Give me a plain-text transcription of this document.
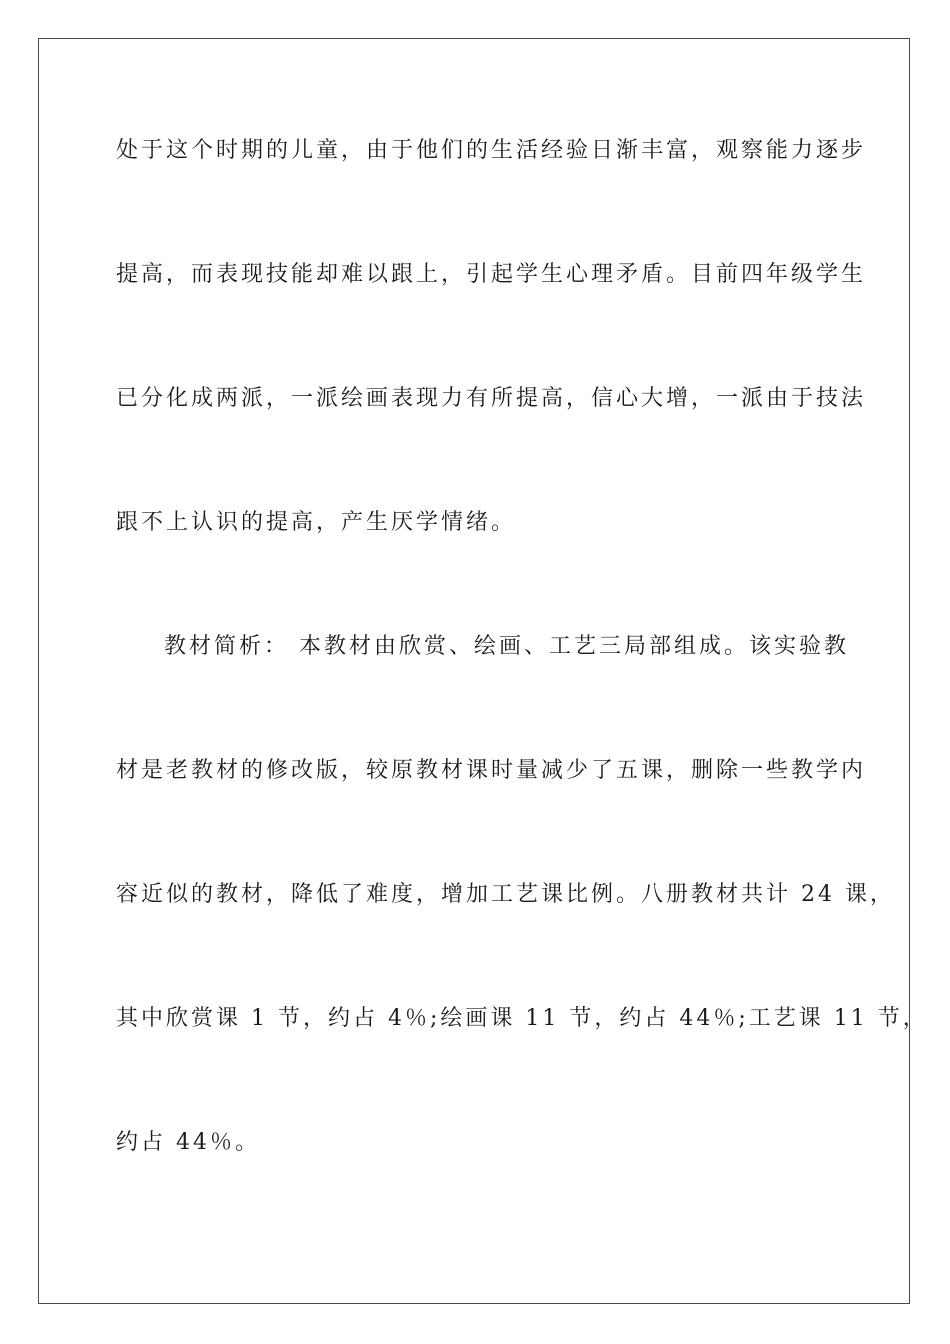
处于这个时期的儿童，由于他们的生活经验日渐丰富，观察能力逐步
提高，而表现技能却难以跟上，引起学生心理矛盾。目前四年级学生
已分化成两派，一派绘画表现力有所提高，信心大增，一派由于技法
跟不上认识的提高，产生厌学情绪。
教材简析： 本教材由欣赏、绘画、工艺三局部组成。该实验教
材是老教材的修改版，较原教材课时量减少了五课，删除一些教学内
容近似的教材，降低了难度，增加工艺课比例。八册教材共计 24 课，
其中欣赏课 1 节，约占 4％;绘画课 11 节，约占 44％;工艺课 11 节，
约占 44％。
